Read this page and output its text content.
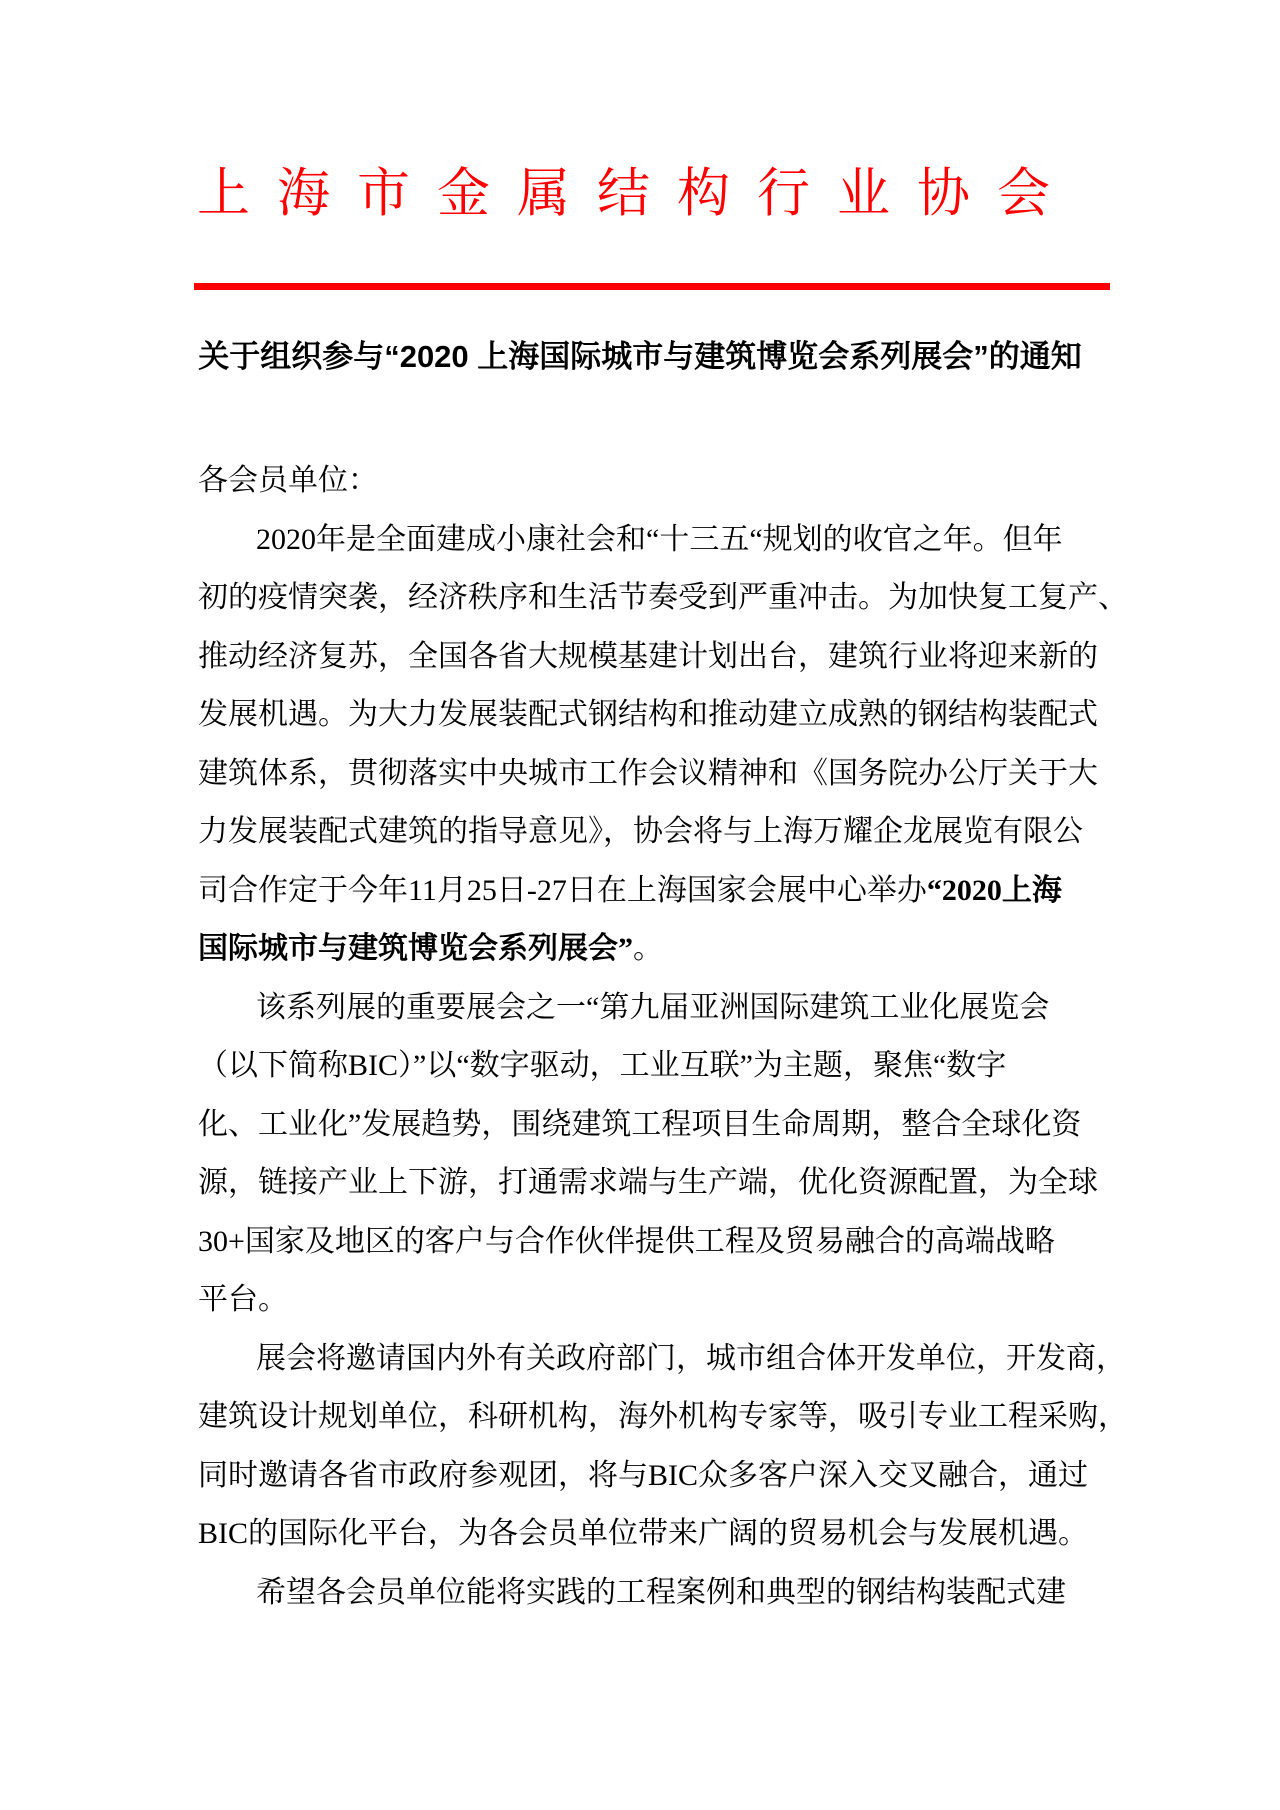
上海市金属结构行业协会
关于组织参与“2020 上海国际城市与建筑博览会系列展会”的通知
各会员单位：
2020年是全面建成小康社会和“十三五“规划的收官之年。但年
初的疫情突袭，经济秩序和生活节奏受到严重冲击。为加快复工复产、
推动经济复苏，全国各省大规模基建计划出台，建筑行业将迎来新的
发展机遇。为大力发展装配式钢结构和推动建立成熟的钢结构装配式
建筑体系，贯彻落实中央城市工作会议精神和《国务院办公厅关于大
力发展装配式建筑的指导意见》，协会将与上海万耀企龙展览有限公
司合作定于今年11月25日-27日在上海国家会展中心举办“2020上海
国际城市与建筑博览会系列展会”。
该系列展的重要展会之一“第九届亚洲国际建筑工业化展览会
（以下简称BIC）”以“数字驱动，工业互联”为主题，聚焦“数字
化、工业化”发展趋势，围绕建筑工程项目生命周期，整合全球化资
源，链接产业上下游，打通需求端与生产端，优化资源配置，为全球
30+国家及地区的客户与合作伙伴提供工程及贸易融合的高端战略
平台。
展会将邀请国内外有关政府部门，城市组合体开发单位，开发商，
建筑设计规划单位，科研机构，海外机构专家等，吸引专业工程采购，
同时邀请各省市政府参观团，将与BIC众多客户深入交叉融合，通过
BIC的国际化平台，为各会员单位带来广阔的贸易机会与发展机遇。
希望各会员单位能将实践的工程案例和典型的钢结构装配式建
